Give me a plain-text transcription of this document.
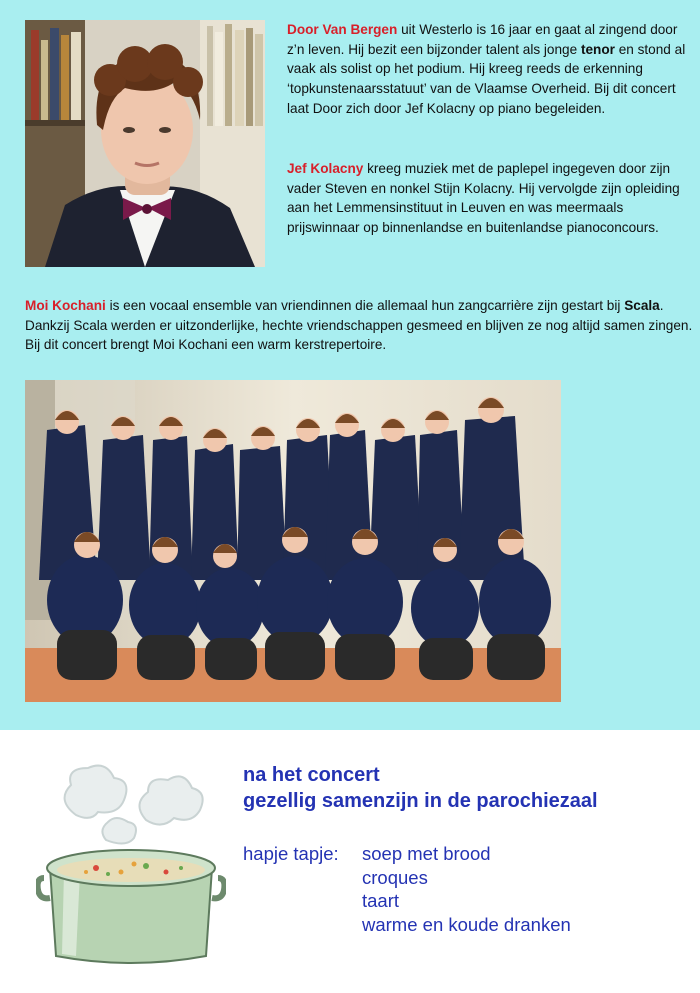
Door Van Bergen uit Westerlo is 16 jaar en gaat al zingend door z’n leven. Hij bezit een bijzonder talent als jonge tenor en stond al vaak als solist op het podium. Hij kreeg reeds de erkenning ‘topkunstenaarsstatuut’ van de Vlaamse Overheid. Bij dit concert laat Door zich door Jef Kolacny op piano begeleiden.
Jef Kolacny kreeg muziek met de paplepel ingegeven door zijn vader Steven en nonkel Stijn Kolacny. Hij vervolgde zijn opleiding aan het Lemmensinstituut in Leuven en was meermaals prijswinnaar op binnenlandse en buitenlandse pianoconcours.
Moi Kochani is een vocaal ensemble van vriendinnen die allemaal hun zangcarrière zijn gestart bij Scala. Dankzij Scala werden er uitzonderlijke, hechte vriendschappen gesmeed en blijven ze nog altijd samen zingen. Bij dit concert brengt Moi Kochani een warm kerstrepertoire.
na het concert
gezellig samenzijn in de parochiezaal
hapje tapje: soep met brood
croques
taart
warme en koude dranken
